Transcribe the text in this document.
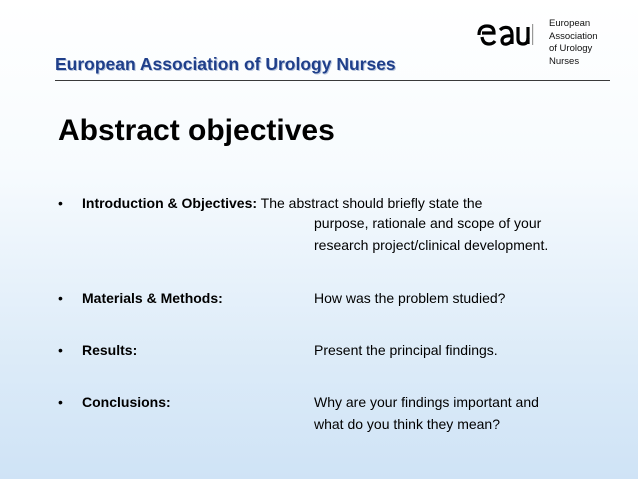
European Association of Urology Nurses
European
Association
of Urology
Nurses
Abstract objectives
• Introduction & Objectives: The abstract should briefly state the
purpose, rationale and scope of your
research project/clinical development.
• Materials & Methods:	How was the problem studied?
• Results:	Present the principal findings.
• Conclusions:	Why are your findings important and
what do you think they mean?
